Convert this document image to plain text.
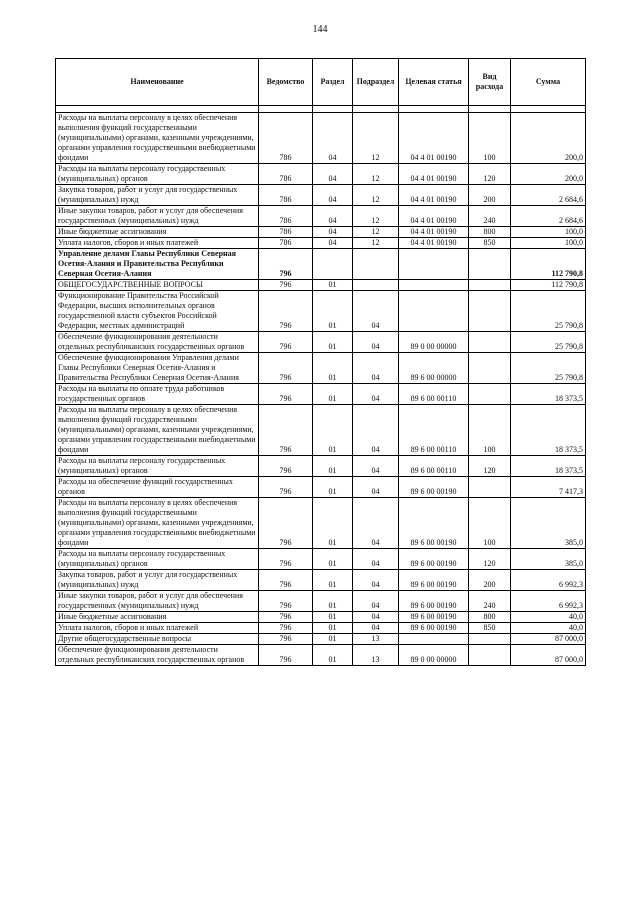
144
Наименование	Ведомство	Раздел	Подраздел	Целевая статья	Вид расхода	Сумма

Расходы на выплаты персоналу в целях обеспечения выполнения функций государственными (муниципальными) органами, казенными учреждениями, органами управления государственными внебюджетными фондами	786	04	12	04 4 01 00190	100	200,0
Расходы на выплаты персоналу государственных (муниципальных) органов	786	04	12	04 4 01 00190	120	200,0
Закупка товаров, работ и услуг для государственных (муниципальных) нужд	786	04	12	04 4 01 00190	200	2 684,6
Иные закупки товаров, работ и услуг для обеспечения государственных (муниципальных) нужд	786	04	12	04 4 01 00190	240	2 684,6
Иные бюджетные ассигнования	786	04	12	04 4 01 00190	800	100,0
Уплата налогов, сборов и иных платежей	786	04	12	04 4 01 00190	850	100,0
Управление делами Главы Республики Северная Осетия-Алания и Правительства Республики Северная Осетия-Алания	796					112 790,8
ОБЩЕГОСУДАРСТВЕННЫЕ ВОПРОСЫ	796	01				112 790,8
Функционирование Правительства Российской Федерации, высших исполнительных органов государственной власти субъектов Российской Федерации, местных администраций	796	01	04			25 790,8
Обеспечение функционирования деятельности отдельных республиканских государственных органов	796	01	04	89 0 00 00000		25 790,8
Обеспечение функционирования Управления делами Главы Республики Северная Осетия-Алания и Правительства Республики Северная Осетия-Алания	796	01	04	89 6 00 00000		25 790,8
Расходы на выплаты по оплате труда работников государственных органов	796	01	04	89 6 00 00110		18 373,5
Расходы на выплаты персоналу в целях обеспечения выполнения функций государственными (муниципальными) органами, казенными учреждениями, органами управления государственными внебюджетными фондами	796	01	04	89 6 00 00110	100	18 373,5
Расходы на выплаты персоналу государственных (муниципальных) органов	796	01	04	89 6 00 00110	120	18 373,5
Расходы на обеспечение функций государственных органов	796	01	04	89 6 00 00190		7 417,3
Расходы на выплаты персоналу в целях обеспечения выполнения функций государственными (муниципальными) органами, казенными учреждениями, органами управления государственными внебюджетными фондами	796	01	04	89 6 00 00190	100	385,0
Расходы на выплаты персоналу государственных (муниципальных) органов	796	01	04	89 6 00 00190	120	385,0
Закупка товаров, работ и услуг для государственных (муниципальных) нужд	796	01	04	89 6 00 00190	200	6 992,3
Иные закупки товаров, работ и услуг для обеспечения государственных (муниципальных) нужд	796	01	04	89 6 00 00190	240	6 992,3
Иные бюджетные ассигнования	796	01	04	89 6 00 00190	800	40,0
Уплата налогов, сборов и иных платежей	796	01	04	89 6 00 00190	850	40,0
Другие общегосударственные вопросы	796	01	13			87 000,0
Обеспечение функционирования деятельности отдельных республиканских государственных органов	796	01	13	89 0 00 00000		87 000,0
